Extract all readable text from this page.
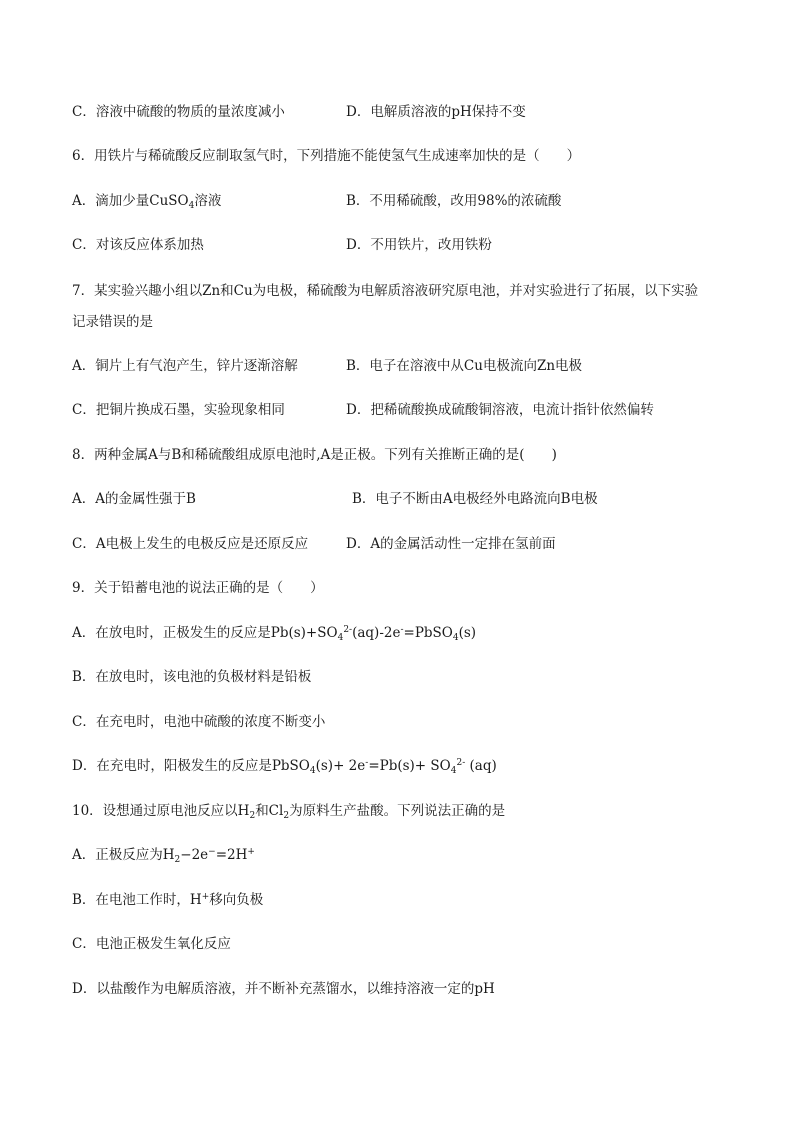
C．溶液中硫酸的物质的量浓度减小	D．电解质溶液的pH保持不变
6．用铁片与稀硫酸反应制取氢气时，下列措施不能使氢气生成速率加快的是（　　）
A．滴加少量CuSO$_4$溶液	B．不用稀硫酸，改用98%的浓硫酸
C．对该反应体系加热	D．不用铁片，改用铁粉
7．某实验兴趣小组以Zn和Cu为电极，稀硫酸为电解质溶液研究原电池，并对实验进行了拓展，以下实验
记录错误的是
A．铜片上有气泡产生，锌片逐渐溶解	B．电子在溶液中从Cu电极流向Zn电极
C．把铜片换成石墨，实验现象相同	D．把稀硫酸换成硫酸铜溶液，电流计指针依然偏转
8．两种金属A与B和稀硫酸组成原电池时,A是正极。下列有关推断正确的是(　　)
A．A的金属性强于B	B．电子不断由A电极经外电路流向B电极
C．A电极上发生的电极反应是还原反应	D．A的金属活动性一定排在氢前面
9．关于铅蓄电池的说法正确的是（　　）
A．在放电时，正极发生的反应是$Pb(s)+SO_4^{2-}(aq)-2e^-=PbSO_4(s)$
B．在放电时，该电池的负极材料是铅板
C．在充电时，电池中硫酸的浓度不断变小
D．在充电时，阳极发生的反应是PbSO$_4$(s)+ $2e^-=Pb(s)+ SO_4^{2-}$ (aq)
10．设想通过原电池反应以$H_2$和$Cl_2$为原料生产盐酸。下列说法正确的是
A．正极反应为$H_2-2e^-=2H^+$
B．在电池工作时，H+移向负极
C．电池正极发生氧化反应
D．以盐酸作为电解质溶液，并不断补充蒸馏水，以维持溶液一定的pH
